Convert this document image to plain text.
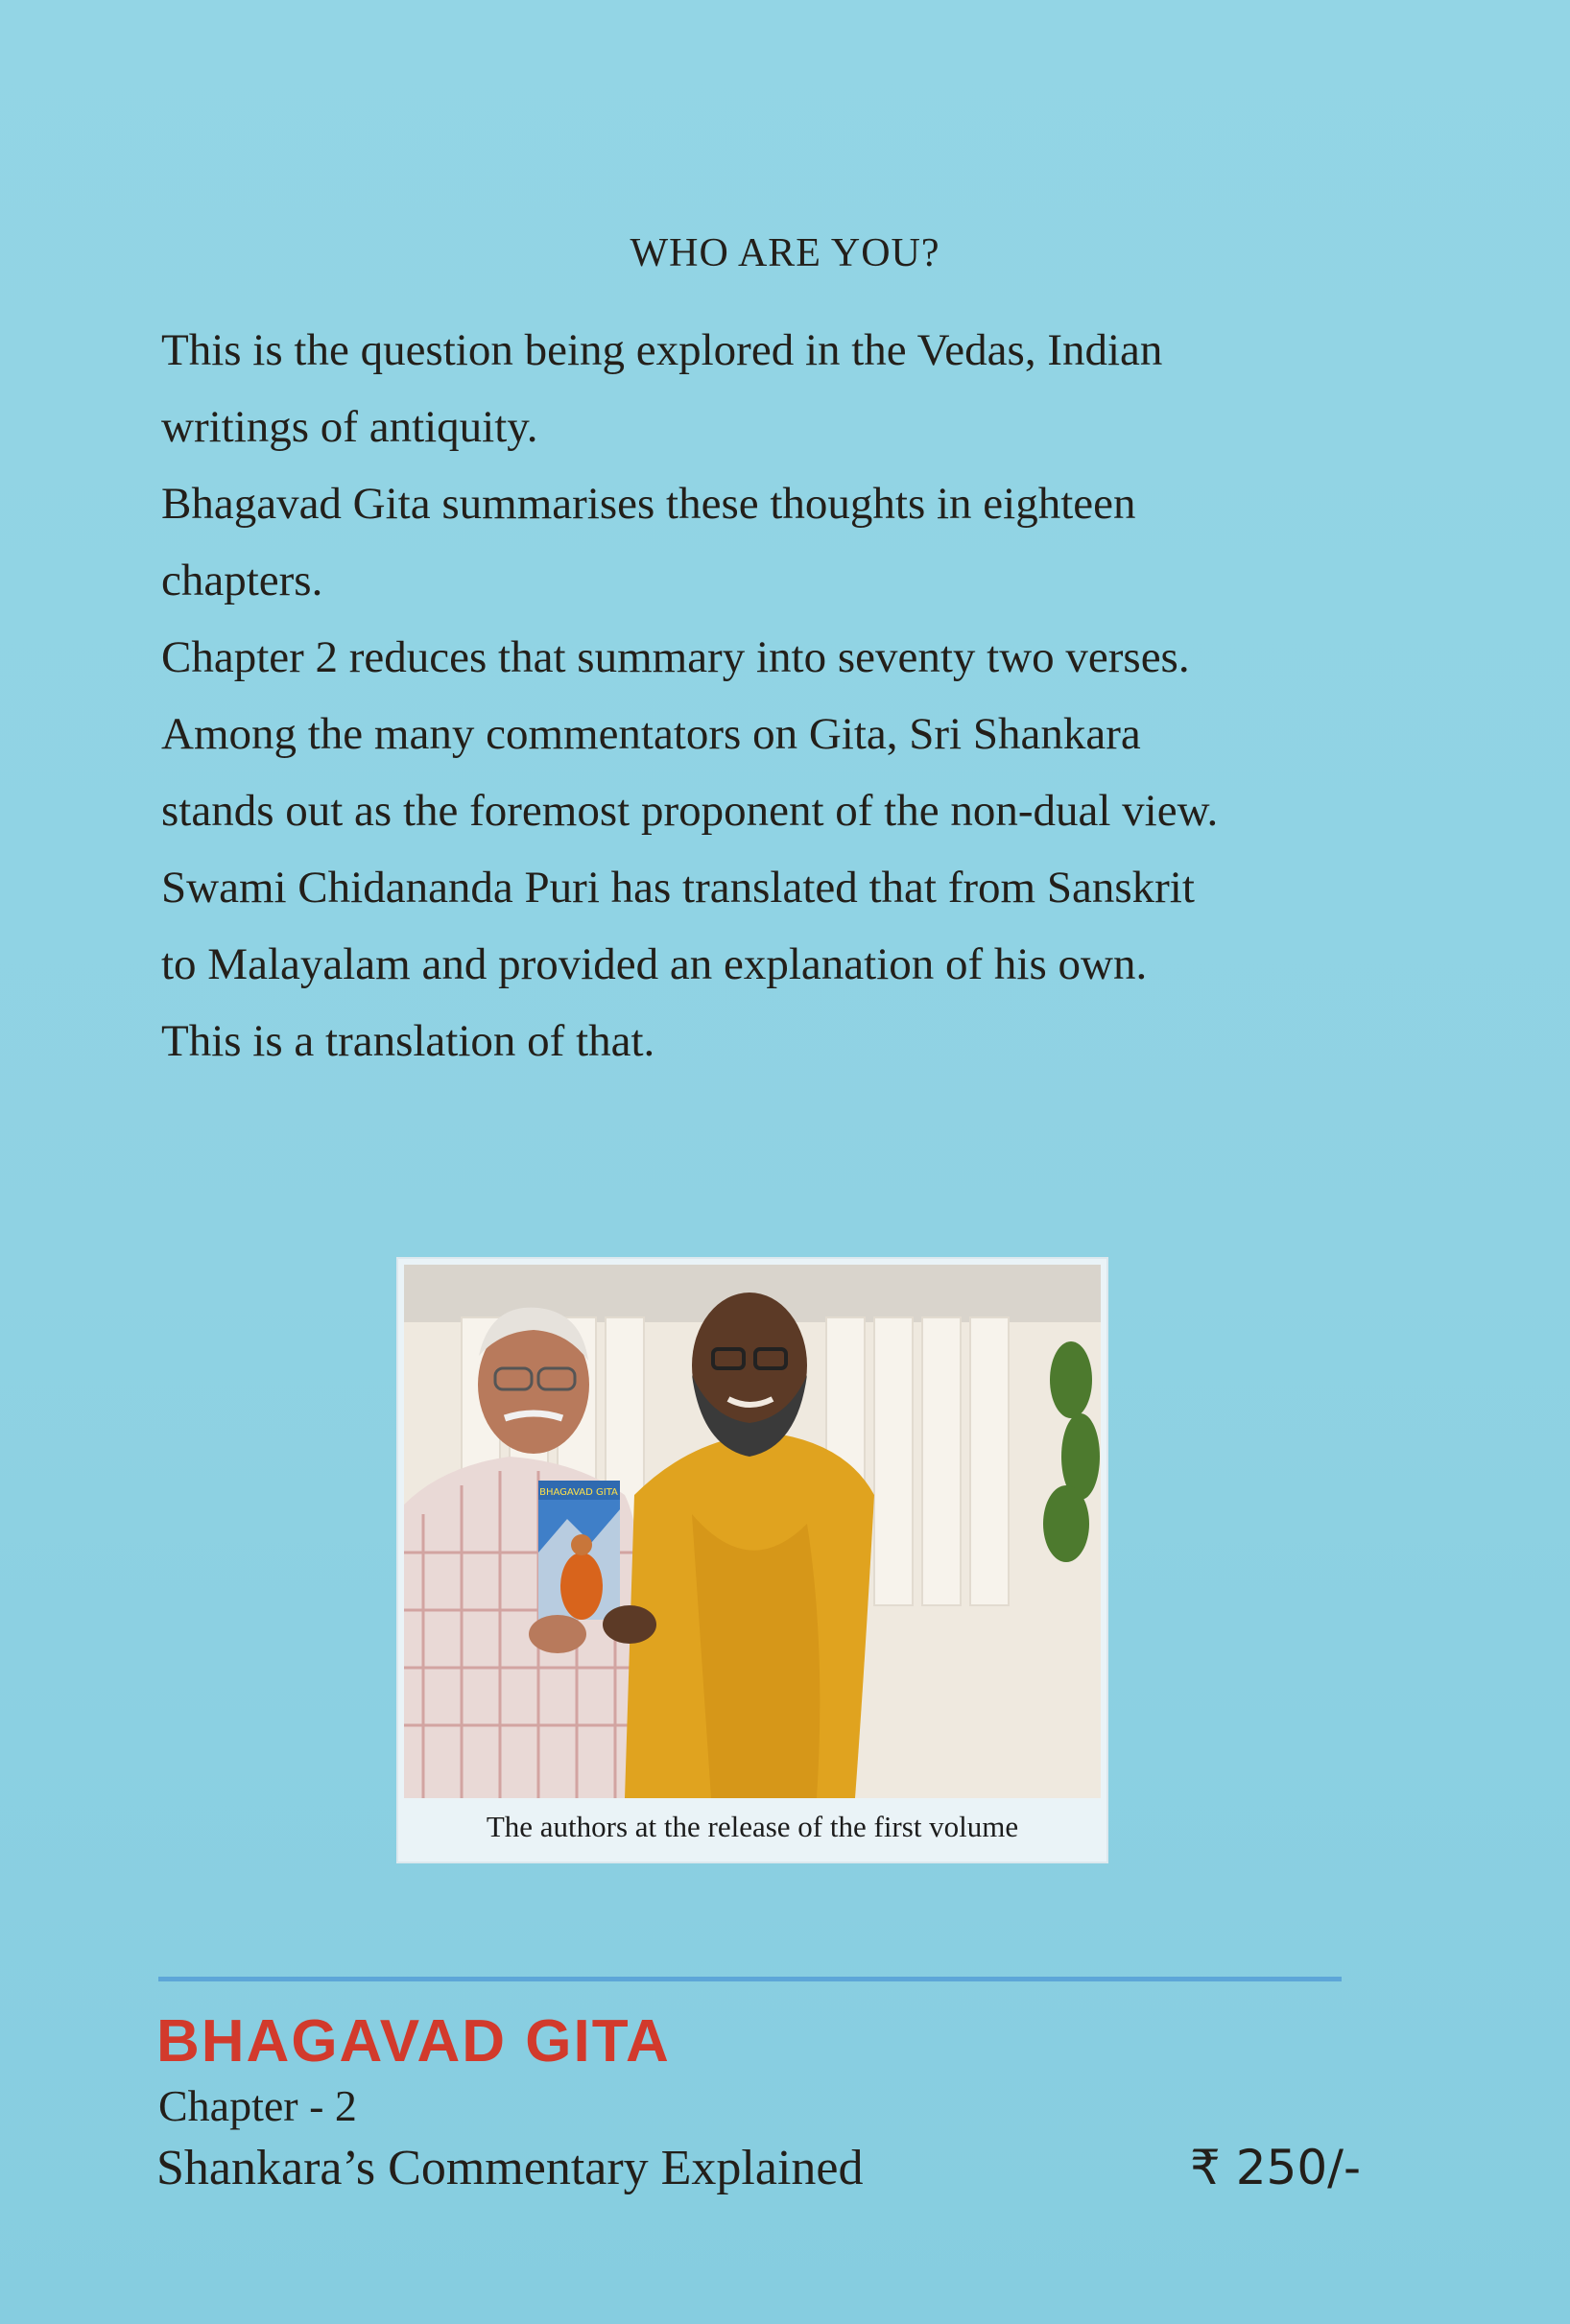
WHO ARE YOU?

This is the question being explored in the Vedas, Indian

writings of antiquity.

Bhagavad Gita summarises these thoughts in eighteen

chapters.

Chapter 2 reduces that summary into seventy two verses.

Among the many commentators on Gita, Sri Shankara

stands out as the foremost proponent of the non-dual view.

Swami Chidananda Puri has translated that from Sanskrit

to Malayalam and provided an explanation of his own.

This is a translation of that.

BHAGAVAD GITA
The authors at the release of the first volume
BHAGAVAD GITA
Chapter - 2
Shankara’s Commentary Explained	₹ 250/-
